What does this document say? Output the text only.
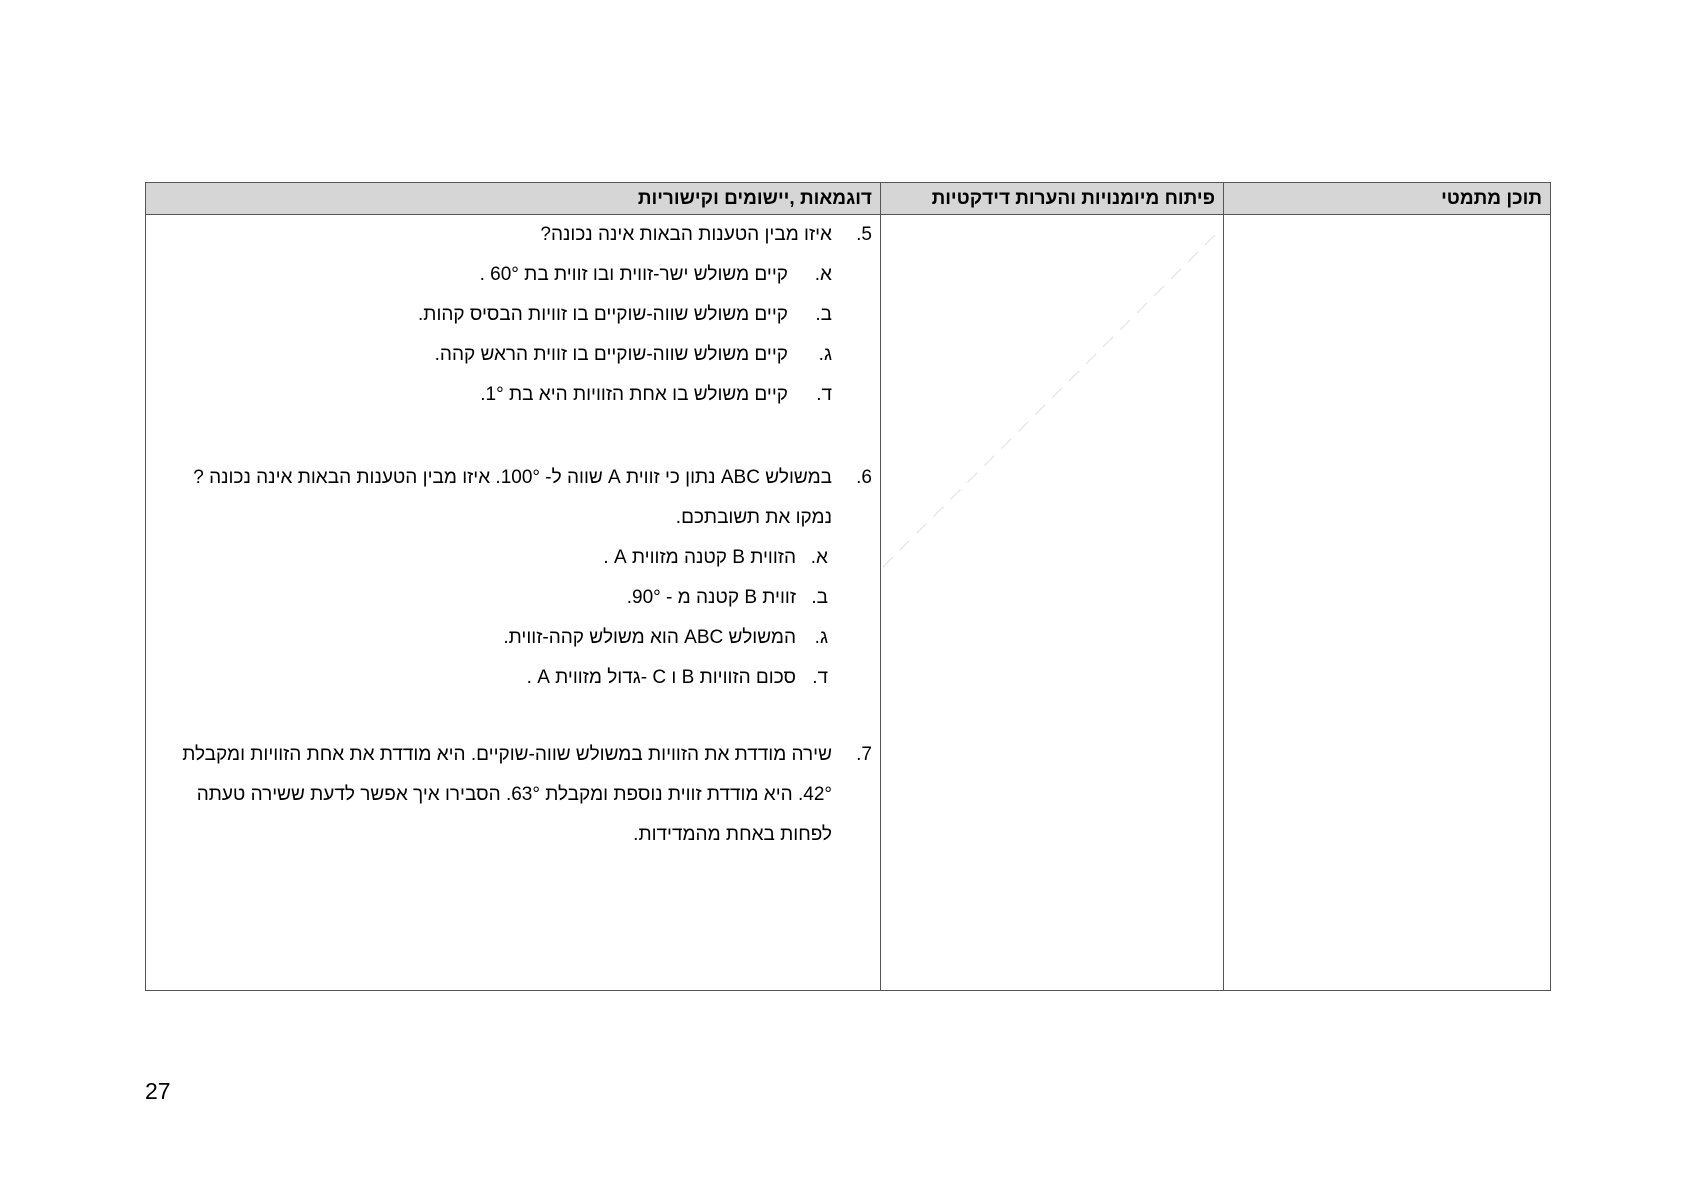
תוכן מתמטי
פיתוח מיומנויות והערות דידקטיות
דוגמאות ,יישומים וקישוריות
5.
איזו מבין הטענות הבאות אינה נכונה?
א.קיים משולש ישר-זווית ובו זווית בת 60° .
ב.קיים משולש שווה-שוקיים בו זוויות הבסיס קהות.
ג.קיים משולש שווה-שוקיים בו זווית הראש קהה.
ד.קיים משולש בו אחת הזוויות היא בת 1°.
6.
במשולש ABC נתון כי זווית A שווה ל- 100°. איזו מבין הטענות הבאות אינה נכונה ?
נמקו את תשובתכם.
א.הזווית B קטנה מזווית A .
ב.זווית B קטנה מ - 90°.
ג.המשולש ABC הוא משולש קהה-זווית.
ד.סכום הזוויות B ו C -גדול מזווית A .
7.
שירה מודדת את הזוויות במשולש שווה-שוקיים. היא מודדת את אחת הזוויות ומקבלת
42°. היא מודדת זווית נוספת ומקבלת 63°. הסבירו איך אפשר לדעת ששירה טעתה
לפחות באחת מהמדידות.
27
